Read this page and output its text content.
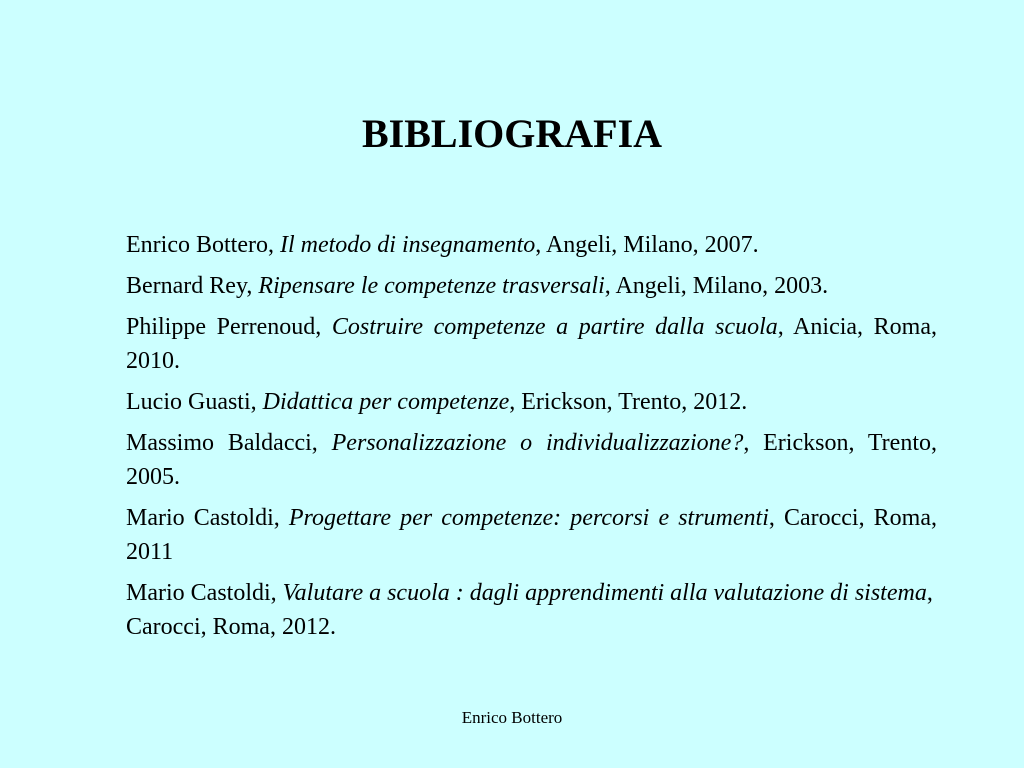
BIBLIOGRAFIA
Enrico Bottero, Il metodo di insegnamento, Angeli, Milano, 2007.
Bernard Rey, Ripensare le competenze trasversali, Angeli, Milano, 2003.
Philippe Perrenoud, Costruire competenze a partire dalla scuola, Anicia, Roma, 2010.
Lucio Guasti, Didattica per competenze, Erickson, Trento, 2012.
Massimo Baldacci, Personalizzazione o individualizzazione?, Erickson, Trento, 2005.
Mario Castoldi, Progettare per competenze: percorsi e strumenti, Carocci, Roma, 2011
Mario Castoldi, Valutare a scuola : dagli apprendimenti alla valutazione di sistema, Carocci, Roma, 2012.
Enrico Bottero
